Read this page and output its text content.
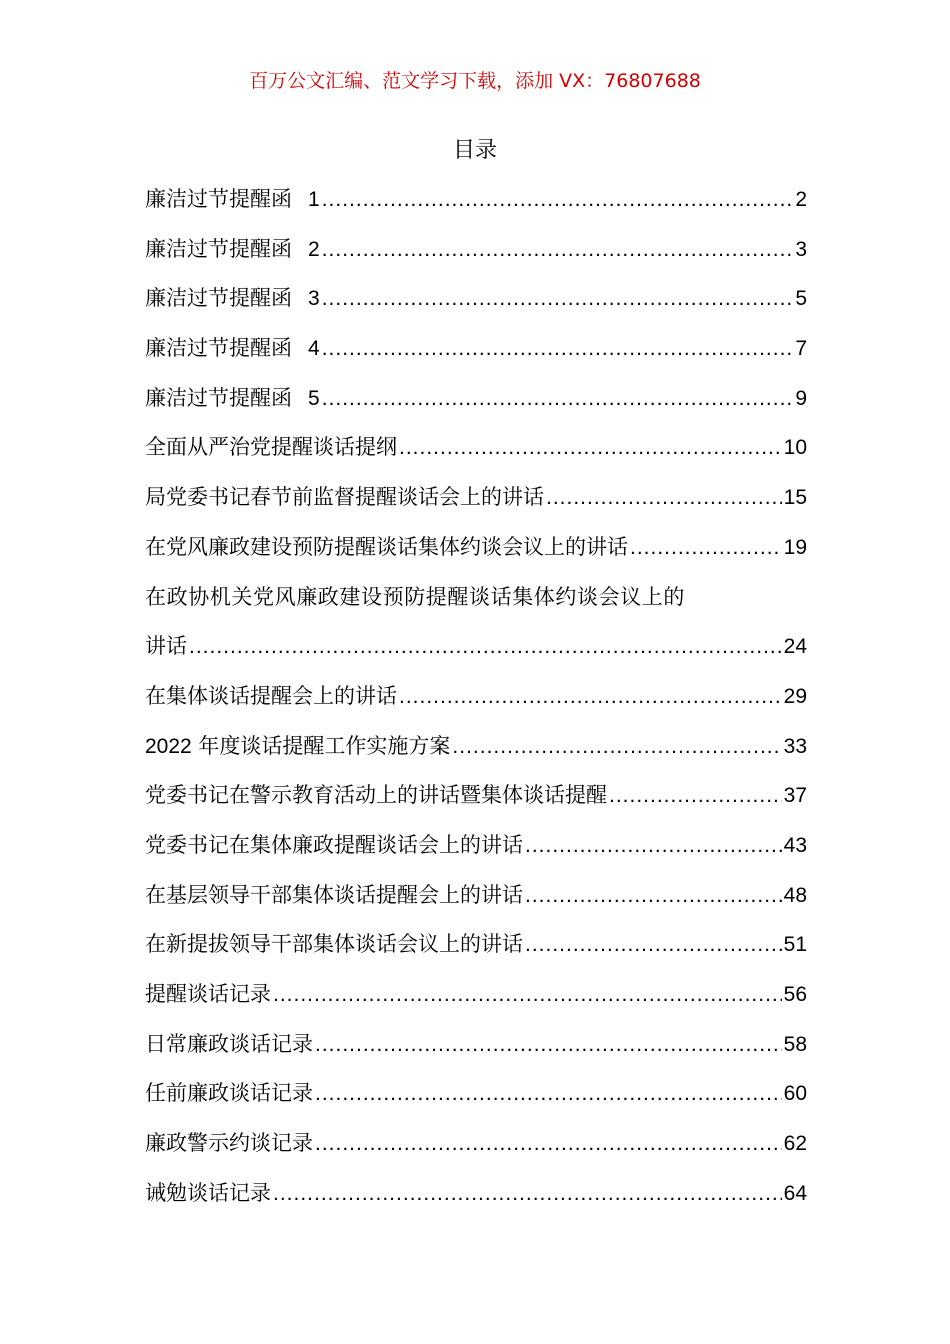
百万公文汇编、范文学习下载，添加 VX：76807688
目录
廉洁过节提醒函 1 .....	2
廉洁过节提醒函 2 .....	3
廉洁过节提醒函 3 .....	5
廉洁过节提醒函 4 .....	7
廉洁过节提醒函 5 .....	9
全面从严治党提醒谈话提纲 .....	10
局党委书记春节前监督提醒谈话会上的讲话 .....	15
在党风廉政建设预防提醒谈话集体约谈会议上的讲话 .....	19
在政协机关党风廉政建设预防提醒谈话集体约谈会议上的
讲话 .....	24
在集体谈话提醒会上的讲话 .....	29
2022 年度谈话提醒工作实施方案 .....	33
党委书记在警示教育活动上的讲话暨集体谈话提醒 .....	37
党委书记在集体廉政提醒谈话会上的讲话 .....	43
在基层领导干部集体谈话提醒会上的讲话 .....	48
在新提拔领导干部集体谈话会议上的讲话 .....	51
提醒谈话记录 .....	56
日常廉政谈话记录 .....	58
任前廉政谈话记录 .....	60
廉政警示约谈记录 .....	62
诫勉谈话记录 .....	64
